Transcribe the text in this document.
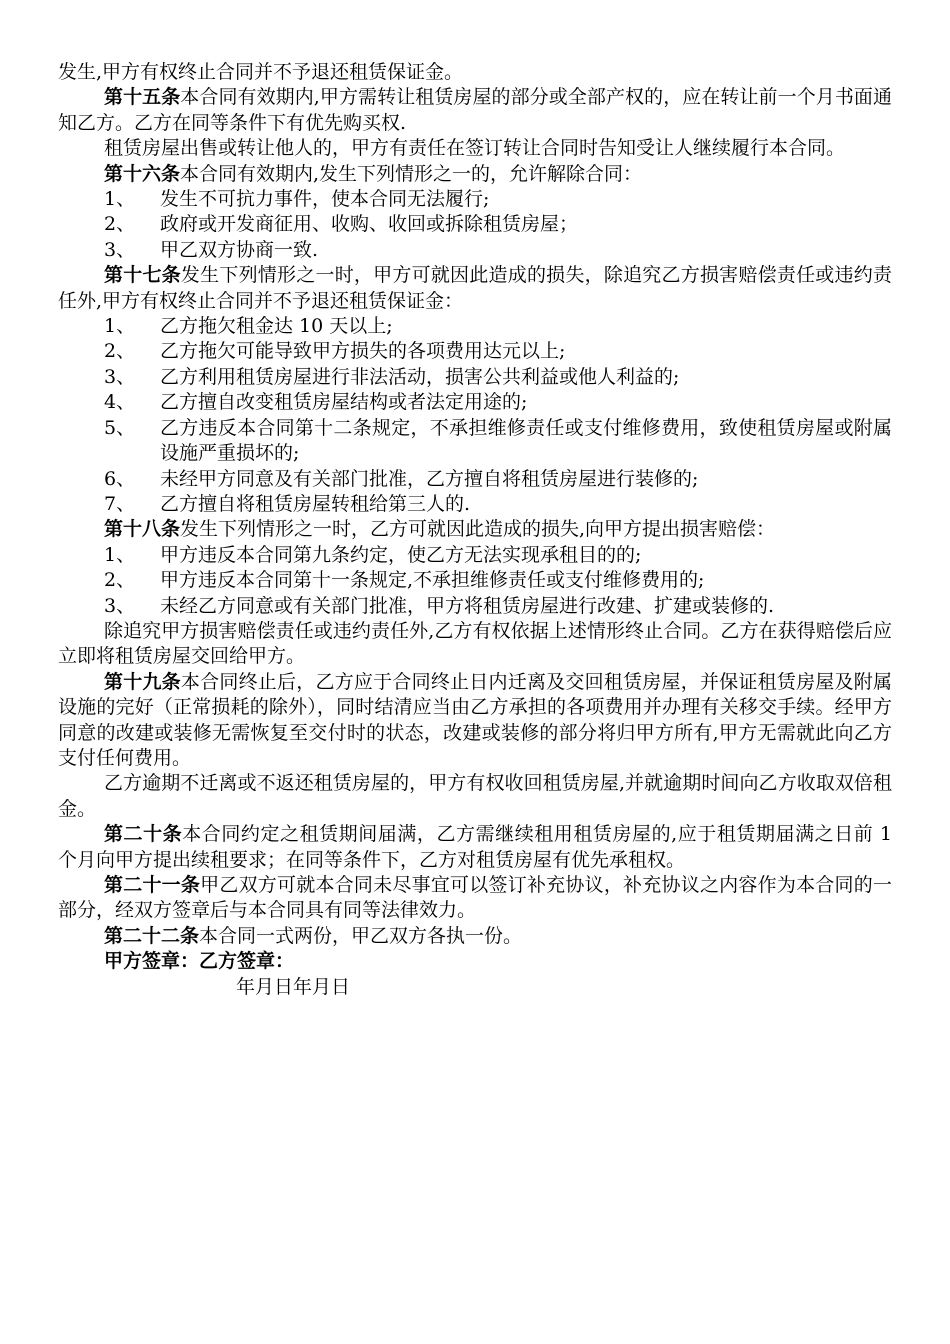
发生,甲方有权终止合同并不予退还租赁保证金。

第十五条本合同有效期内,甲方需转让租赁房屋的部分或全部产权的，应在转让前一个月书面通知乙方。乙方在同等条件下有优先购买权.

租赁房屋出售或转让他人的，甲方有责任在签订转让合同时告知受让人继续履行本合同。

第十六条本合同有效期内,发生下列情形之一的，允许解除合同：

1、	发生不可抗力事件，使本合同无法履行;
2、	政府或开发商征用、收购、收回或拆除租赁房屋；
3、	甲乙双方协商一致.

第十七条发生下列情形之一时，甲方可就因此造成的损失，除追究乙方损害赔偿责任或违约责任外,甲方有权终止合同并不予退还租赁保证金：

1、	乙方拖欠租金达 10 天以上;
2、	乙方拖欠可能导致甲方损失的各项费用达元以上;
3、	乙方利用租赁房屋进行非法活动，损害公共利益或他人利益的;
4、	乙方擅自改变租赁房屋结构或者法定用途的;
5、	乙方违反本合同第十二条规定，不承担维修责任或支付维修费用，致使租赁房屋或附属设施严重损坏的;
6、	未经甲方同意及有关部门批准，乙方擅自将租赁房屋进行装修的;
7、	乙方擅自将租赁房屋转租给第三人的.

第十八条发生下列情形之一时，乙方可就因此造成的损失,向甲方提出损害赔偿：

1、	甲方违反本合同第九条约定，使乙方无法实现承租目的的;
2、	甲方违反本合同第十一条规定,不承担维修责任或支付维修费用的;
3、	未经乙方同意或有关部门批准，甲方将租赁房屋进行改建、扩建或装修的.

除追究甲方损害赔偿责任或违约责任外,乙方有权依据上述情形终止合同。乙方在获得赔偿后应立即将租赁房屋交回给甲方。

第十九条本合同终止后，乙方应于合同终止日内迁离及交回租赁房屋，并保证租赁房屋及附属设施的完好（正常损耗的除外），同时结清应当由乙方承担的各项费用并办理有关移交手续。经甲方同意的改建或装修无需恢复至交付时的状态，改建或装修的部分将归甲方所有,甲方无需就此向乙方支付任何费用。

乙方逾期不迁离或不返还租赁房屋的，甲方有权收回租赁房屋,并就逾期时间向乙方收取双倍租金。

第二十条本合同约定之租赁期间届满，乙方需继续租用租赁房屋的,应于租赁期届满之日前 1 个月向甲方提出续租要求；在同等条件下，乙方对租赁房屋有优先承租权。

第二十一条甲乙双方可就本合同未尽事宜可以签订补充协议，补充协议之内容作为本合同的一部分，经双方签章后与本合同具有同等法律效力。

第二十二条本合同一式两份，甲乙双方各执一份。

甲方签章：乙方签章：
年月日年月日
